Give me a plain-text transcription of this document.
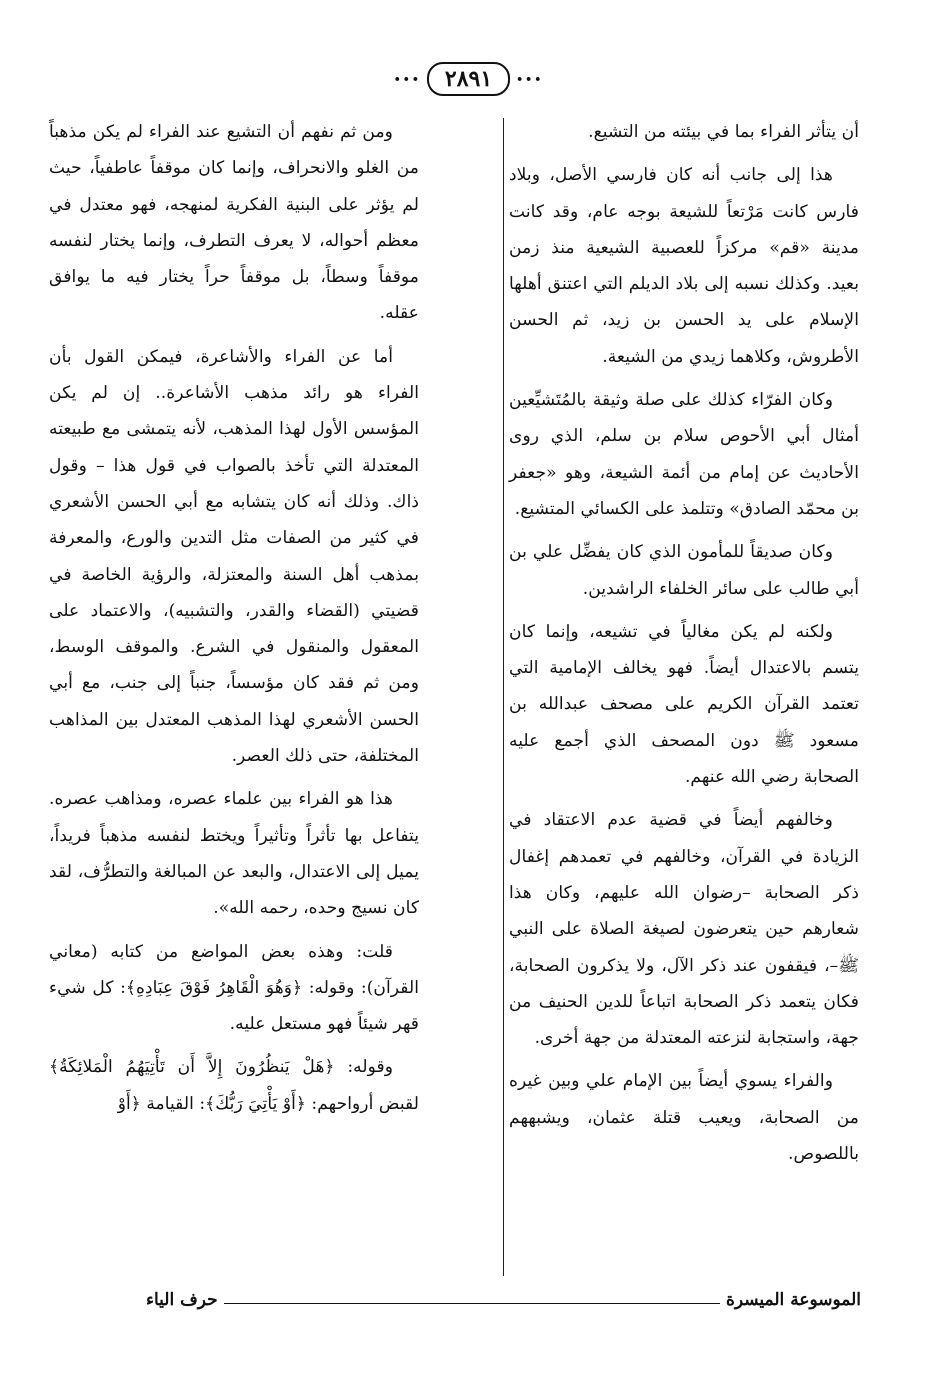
•••	٢٨٩١	•••

أن يتأثر الفراء بما في بيئته من التشيع.

هذا إلى جانب أنه كان فارسي الأصل، وبلاد فارس كانت مَرْتعاً للشيعة بوجه عام، وقد كانت مدينة «قم» مركزاً للعصبية الشيعية منذ زمن بعيد. وكذلك نسبه إلى بلاد الديلم التي اعتنق أهلها الإسلام على يد الحسن بن زيد، ثم الحسن الأطروش، وكلاهما زيدي من الشيعة.

وكان الفرّاء كذلك على صلة وثيقة بالمُتَشيِّعين أمثال أبي الأحوص سلام بن سلم، الذي روى الأحاديث عن إمام من أئمة الشيعة، وهو «جعفر بن محمّد الصادق» وتتلمذ على الكسائي المتشيع.

وكان صديقاً للمأمون الذي كان يفضِّل علي بن أبي طالب على سائر الخلفاء الراشدين.

ولكنه لم يكن مغالياً في تشيعه، وإنما كان يتسم بالاعتدال أيضاً. فهو يخالف الإمامية التي تعتمد القرآن الكريم على مصحف عبدالله بن مسعود ﷺ دون المصحف الذي أجمع عليه الصحابة رضي الله عنهم.

وخالفهم أيضاً في قضية عدم الاعتقاد في الزيادة في القرآن، وخالفهم في تعمدهم إغفال ذكر الصحابة –رضوان الله عليهم، وكان هذا شعارهم حين يتعرضون لصيغة الصلاة على النبي ﷺ–، فيقفون عند ذكر الآل، ولا يذكرون الصحابة، فكان يتعمد ذكر الصحابة اتباعاً للدين الحنيف من جهة، واستجابة لنزعته المعتدلة من جهة أخرى.

والفراء يسوي أيضاً بين الإمام علي وبين غيره من الصحابة، ويعيب قتلة عثمان، ويشبههم باللصوص.

ومن ثم نفهم أن التشيع عند الفراء لم يكن مذهباً من الغلو والانحراف، وإنما كان موقفاً عاطفياً، حيث لم يؤثر على البنية الفكرية لمنهجه، فهو معتدل في معظم أحواله، لا يعرف التطرف، وإنما يختار لنفسه موقفاً وسطاً، بل موقفاً حراً يختار فيه ما يوافق عقله.

أما عن الفراء والأشاعرة، فيمكن القول بأن الفراء هو رائد مذهب الأشاعرة.. إن لم يكن المؤسس الأول لهذا المذهب، لأنه يتمشى مع طبيعته المعتدلة التي تأخذ بالصواب في قول هذا – وقول ذاك. وذلك أنه كان يتشابه مع أبي الحسن الأشعري في كثير من الصفات مثل التدين والورع، والمعرفة بمذهب أهل السنة والمعتزلة، والرؤية الخاصة في قضيتي (القضاء والقدر، والتشبيه)، والاعتماد على المعقول والمنقول في الشرع. والموقف الوسط، ومن ثم فقد كان مؤسساً، جنباً إلى جنب، مع أبي الحسن الأشعري لهذا المذهب المعتدل بين المذاهب المختلفة، حتى ذلك العصر.

هذا هو الفراء بين علماء عصره، ومذاهب عصره. يتفاعل بها تأثراً وتأثيراً ويختط لنفسه مذهباً فريداً، يميل إلى الاعتدال، والبعد عن المبالغة والتطرُّف، لقد كان نسيج وحده، رحمه الله».

قلت: وهذه بعض المواضع من كتابه (معاني القرآن): وقوله: ﴿وَهُوَ الْقَاهِرُ فَوْقَ عِبَادِهِ﴾: كل شيء قهر شيئاً فهو مستعل عليه.

وقوله: ﴿هَلْ يَنظُرُونَ إِلاَّ أَن تَأْتِيَهُمُ الْمَلائِكَةُ﴾ لقبض أرواحهم: ﴿أَوْ يَأْتِيَ رَبُّكَ﴾: القيامة ﴿أَوْ

الموسوعة الميسرة
حرف الياء
